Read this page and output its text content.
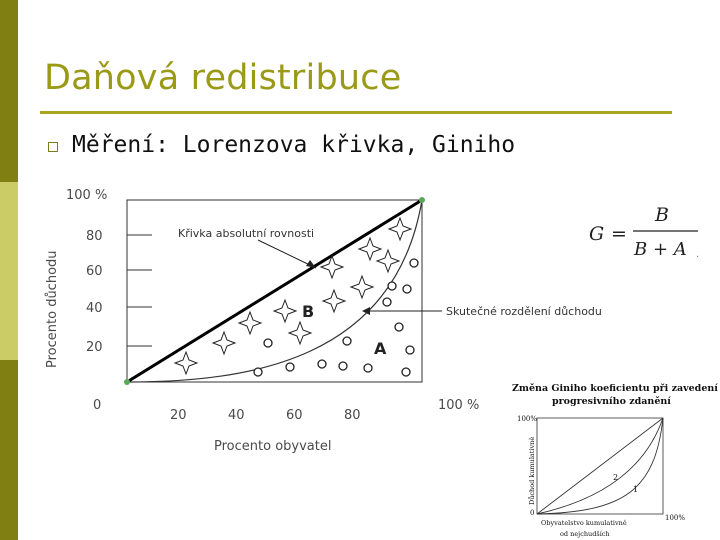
Daňová redistribuce
Měření: Lorenzova křivka, Giniho
100 %
80
60
40
20
0
Procento důchodu
Křivka absolutní rovnosti
Skutečné rozdělení důchodu
B
A
20	40	60	80
100 %
Procento obyvatel
G =
B
B + A .
Změna Giniho koeficientu při zavedení
progresivního zdanění
100%
0
100%
Důchod kumulativně	2
1
Obyvatelstvo kumulativně
od nejchudších
